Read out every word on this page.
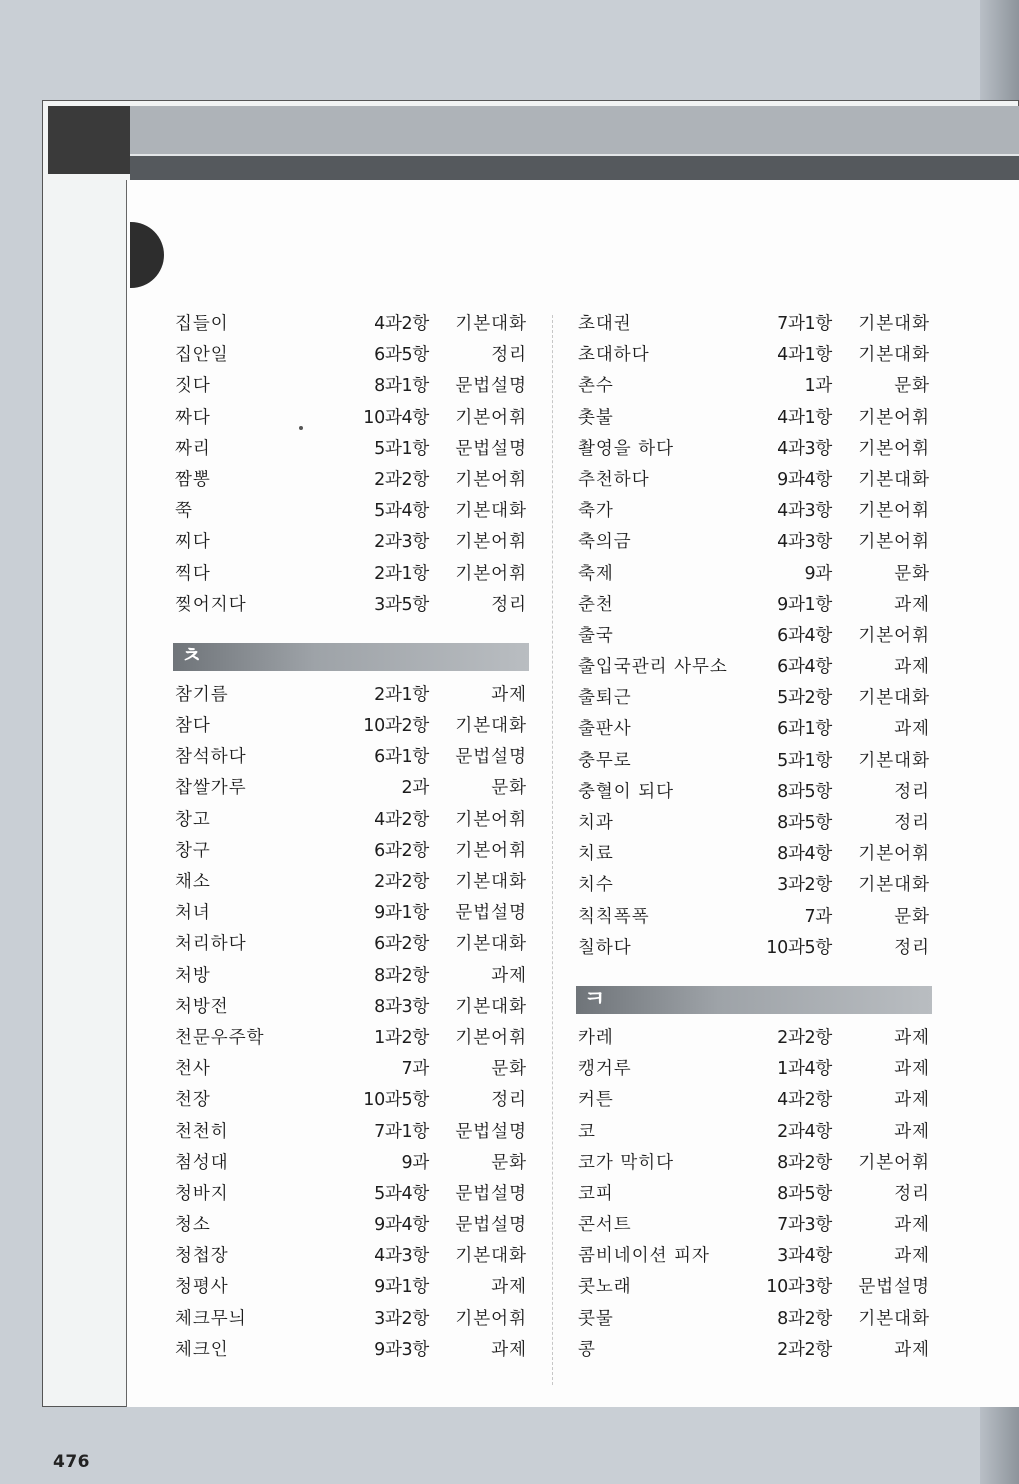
집들이	4과2항 기본대화
집안일	6과5항	정리
짓다	8과1항 문법설명
짜다	10과4항 기본어휘
짜리	5과1항 문법설명
짬뽕	2과2항 기본어휘
쭉	5과4항 기본대화
찌다	2과3항 기본어휘
찍다	2과1항 기본어휘
찢어지다	3과5항	정리
ㅊ
참기름	2과1항	과제
참다	10과2항 기본대화
참석하다	6과1항 문법설명
찹쌀가루	2과	문화
창고	4과2항 기본어휘
창구	6과2항 기본어휘
채소	2과2항 기본대화
처녀	9과1항 문법설명
처리하다	6과2항 기본대화
처방	8과2항	과제
처방전	8과3항 기본대화
천문우주학	1과2항 기본어휘
천사	7과	문화
천장	10과5항	정리
천천히	7과1항 문법설명
첨성대	9과	문화
청바지	5과4항 문법설명
청소	9과4항 문법설명
청첩장	4과3항 기본대화
청평사	9과1항	과제
체크무늬	3과2항 기본어휘
체크인	9과3항	과제
초대권	7과1항 기본대화
초대하다	4과1항 기본대화
촌수	1과	문화
촛불	4과1항 기본어휘
촬영을 하다	4과3항 기본어휘
추천하다	9과4항 기본대화
축가	4과3항 기본어휘
축의금	4과3항 기본어휘
축제	9과	문화
춘천	9과1항	과제
출국	6과4항 기본어휘
출입국관리 사무소	6과4항	과제
출퇴근	5과2항 기본대화
출판사	6과1항	과제
충무로	5과1항 기본대화
충혈이 되다	8과5항	정리
치과	8과5항	정리
치료	8과4항 기본어휘
치수	3과2항 기본대화
칙칙폭폭	7과	문화
칠하다	10과5항	정리
ㅋ
카레	2과2항	과제
캥거루	1과4항	과제
커튼	4과2항	과제
코	2과4항	과제
코가 막히다	8과2항 기본어휘
코피	8과5항	정리
콘서트	7과3항	과제
콤비네이션 피자	3과4항	과제
콧노래	10과3항 문법설명
콧물	8과2항 기본대화
콩	2과2항	과제
476
